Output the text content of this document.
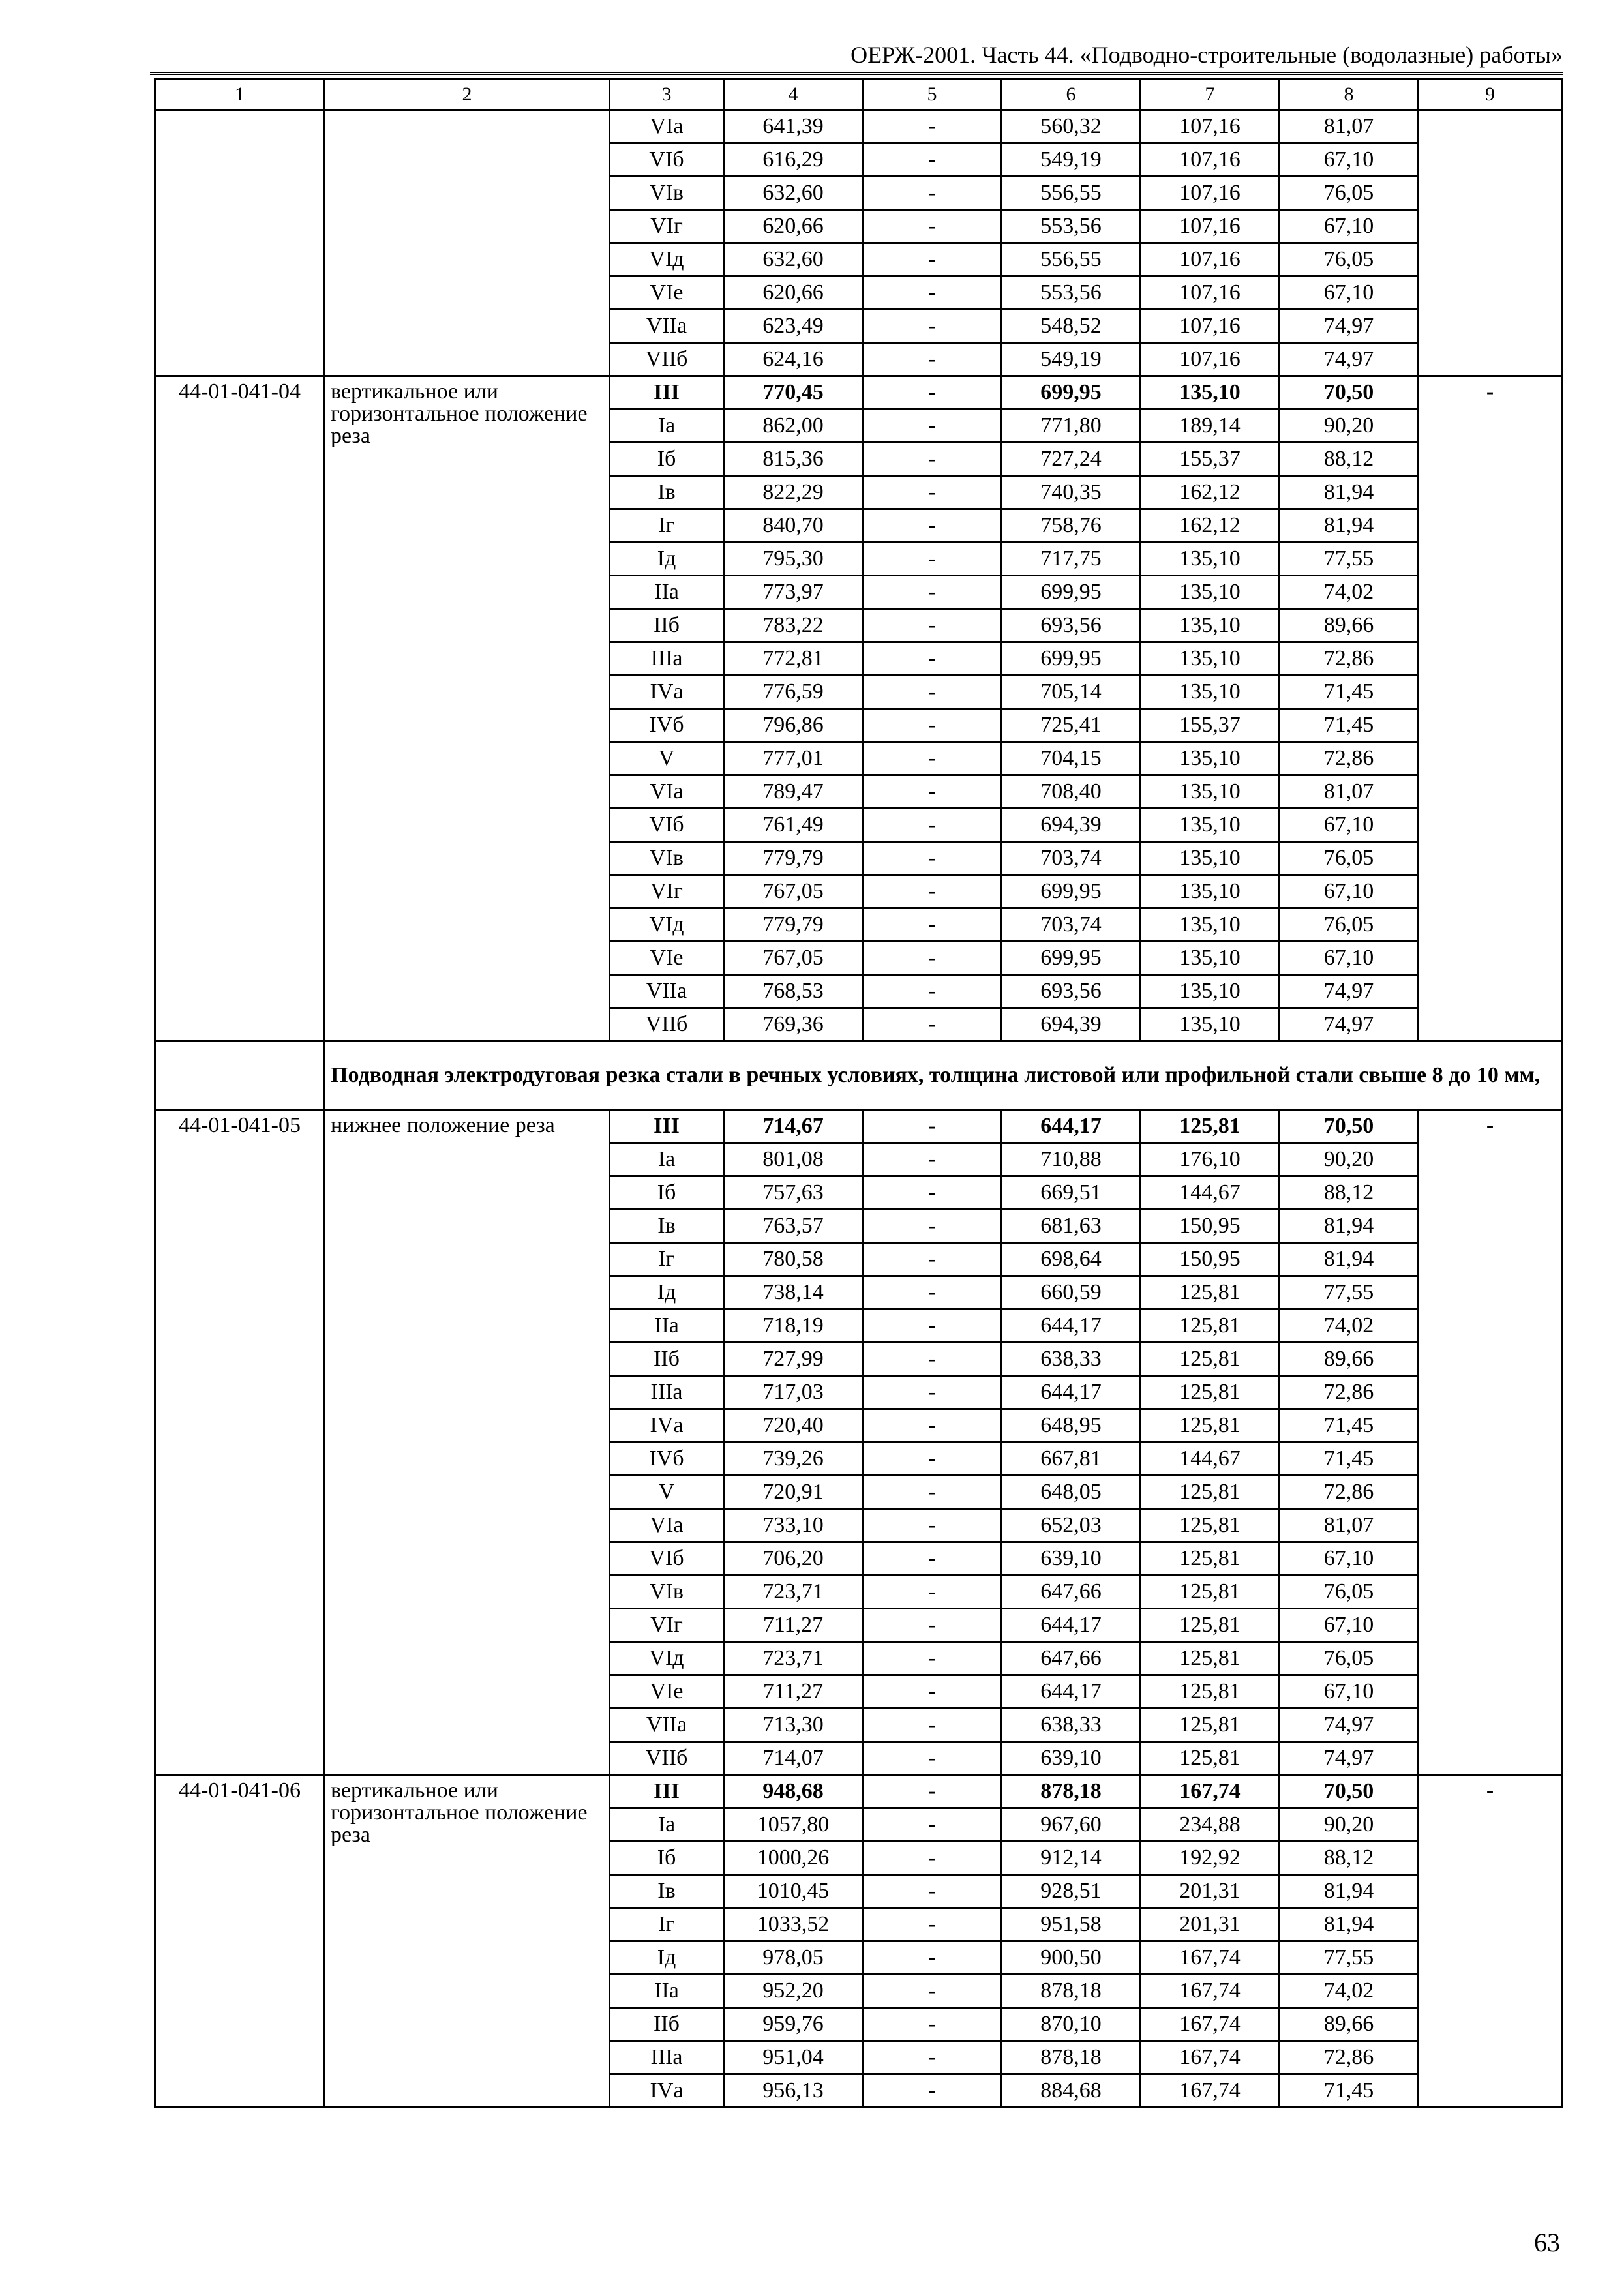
ОЕРЖ-2001. Часть 44. «Подводно-строительные (водолазные) работы»
1	2	3	4	5	6	7	8	9
		VIа	641,39	-	560,32	107,16	81,07	
		VIб	616,29	-	549,19	107,16	67,10	
		VIв	632,60	-	556,55	107,16	76,05	
		VIг	620,66	-	553,56	107,16	67,10	
		VIд	632,60	-	556,55	107,16	76,05	
		VIе	620,66	-	553,56	107,16	67,10	
		VIIа	623,49	-	548,52	107,16	74,97	
		VIIб	624,16	-	549,19	107,16	74,97	
44-01-041-04	вертикальное или горизонтальное положение реза	III	770,45	-	699,95	135,10	70,50	-
		Iа	862,00	-	771,80	189,14	90,20	
		Iб	815,36	-	727,24	155,37	88,12	
		Iв	822,29	-	740,35	162,12	81,94	
		Iг	840,70	-	758,76	162,12	81,94	
		Iд	795,30	-	717,75	135,10	77,55	
		IIа	773,97	-	699,95	135,10	74,02	
		IIб	783,22	-	693,56	135,10	89,66	
		IIIа	772,81	-	699,95	135,10	72,86	
		IVа	776,59	-	705,14	135,10	71,45	
		IVб	796,86	-	725,41	155,37	71,45	
		V	777,01	-	704,15	135,10	72,86	
		VIа	789,47	-	708,40	135,10	81,07	
		VIб	761,49	-	694,39	135,10	67,10	
		VIв	779,79	-	703,74	135,10	76,05	
		VIг	767,05	-	699,95	135,10	67,10	
		VIд	779,79	-	703,74	135,10	76,05	
		VIе	767,05	-	699,95	135,10	67,10	
		VIIа	768,53	-	693,56	135,10	74,97	
		VIIб	769,36	-	694,39	135,10	74,97	
	Подводная электродуговая резка стали в речных условиях, толщина листовой или профильной стали свыше 8 до 10 мм,							
44-01-041-05	нижнее положение реза	III	714,67	-	644,17	125,81	70,50	-
		Iа	801,08	-	710,88	176,10	90,20	
		Iб	757,63	-	669,51	144,67	88,12	
		Iв	763,57	-	681,63	150,95	81,94	
		Iг	780,58	-	698,64	150,95	81,94	
		Iд	738,14	-	660,59	125,81	77,55	
		IIа	718,19	-	644,17	125,81	74,02	
		IIб	727,99	-	638,33	125,81	89,66	
		IIIа	717,03	-	644,17	125,81	72,86	
		IVа	720,40	-	648,95	125,81	71,45	
		IVб	739,26	-	667,81	144,67	71,45	
		V	720,91	-	648,05	125,81	72,86	
		VIа	733,10	-	652,03	125,81	81,07	
		VIб	706,20	-	639,10	125,81	67,10	
		VIв	723,71	-	647,66	125,81	76,05	
		VIг	711,27	-	644,17	125,81	67,10	
		VIд	723,71	-	647,66	125,81	76,05	
		VIе	711,27	-	644,17	125,81	67,10	
		VIIа	713,30	-	638,33	125,81	74,97	
		VIIб	714,07	-	639,10	125,81	74,97	
44-01-041-06	вертикальное или горизонтальное положение реза	III	948,68	-	878,18	167,74	70,50	-
		Iа	1057,80	-	967,60	234,88	90,20	
		Iб	1000,26	-	912,14	192,92	88,12	
		Iв	1010,45	-	928,51	201,31	81,94	
		Iг	1033,52	-	951,58	201,31	81,94	
		Iд	978,05	-	900,50	167,74	77,55	
		IIа	952,20	-	878,18	167,74	74,02	
		IIб	959,76	-	870,10	167,74	89,66	
		IIIа	951,04	-	878,18	167,74	72,86	
		IVа	956,13	-	884,68	167,74	71,45	
63
